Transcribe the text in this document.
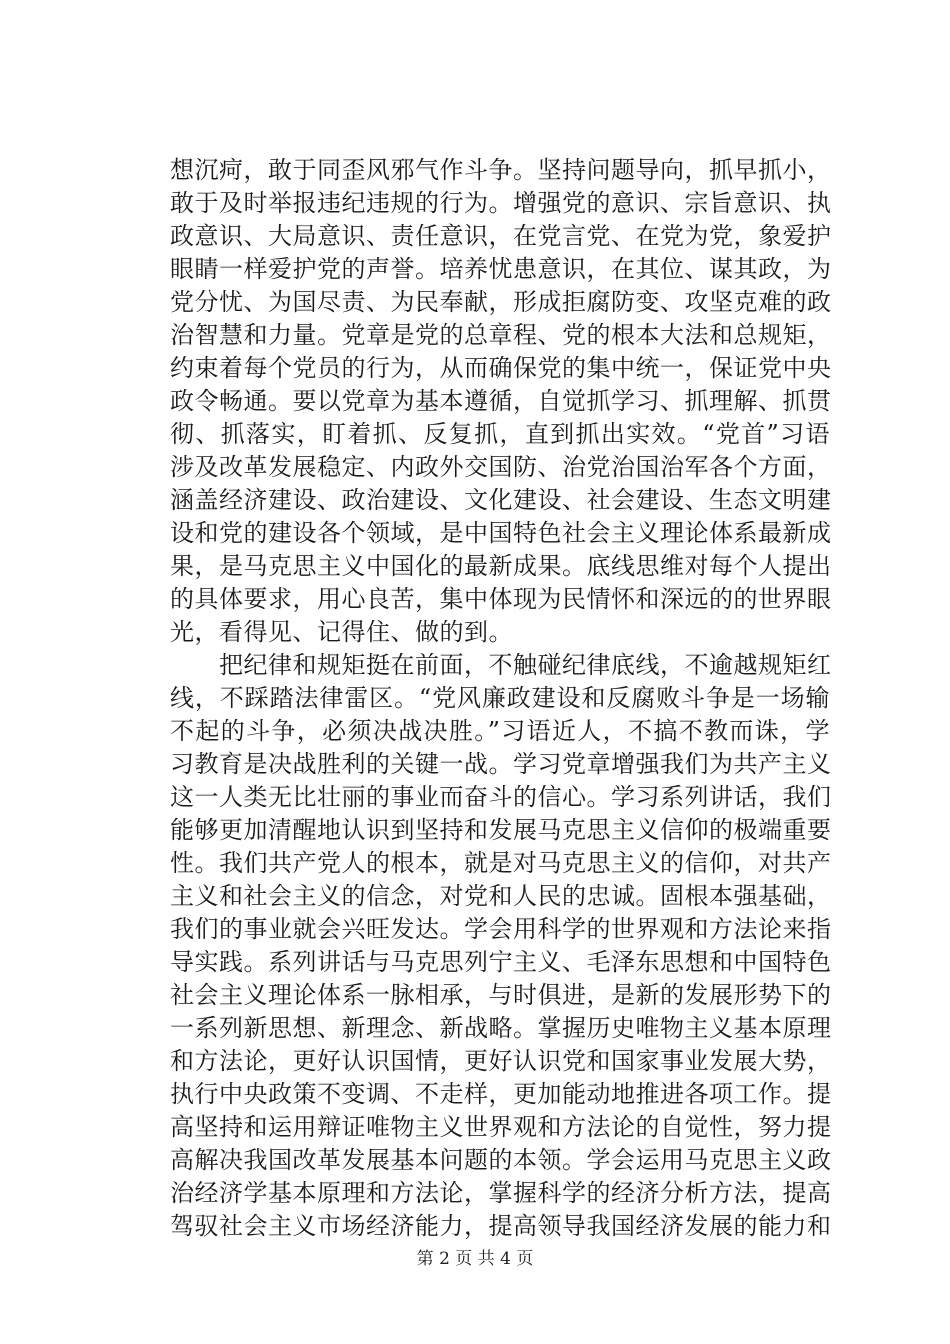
想沉疴，敢于同歪风邪气作斗争。坚持问题导向，抓早抓小，
敢于及时举报违纪违规的行为。增强党的意识、宗旨意识、执
政意识、大局意识、责任意识，在党言党、在党为党，象爱护
眼睛一样爱护党的声誉。培养忧患意识，在其位、谋其政，为
党分忧、为国尽责、为民奉献，形成拒腐防变、攻坚克难的政
治智慧和力量。党章是党的总章程、党的根本大法和总规矩，
约束着每个党员的行为，从而确保党的集中统一，保证党中央
政令畅通。要以党章为基本遵循，自觉抓学习、抓理解、抓贯
彻、抓落实，盯着抓、反复抓，直到抓出实效。“党首”习语
涉及改革发展稳定、内政外交国防、治党治国治军各个方面，
涵盖经济建设、政治建设、文化建设、社会建设、生态文明建
设和党的建设各个领域，是中国特色社会主义理论体系最新成
果，是马克思主义中国化的最新成果。底线思维对每个人提出
的具体要求，用心良苦，集中体现为民情怀和深远的的世界眼
光，看得见、记得住、做的到。
　　把纪律和规矩挺在前面，不触碰纪律底线，不逾越规矩红
线，不踩踏法律雷区。“党风廉政建设和反腐败斗争是一场输
不起的斗争，必须决战决胜。”习语近人，不搞不教而诛，学
习教育是决战胜利的关键一战。学习党章增强我们为共产主义
这一人类无比壮丽的事业而奋斗的信心。学习系列讲话，我们
能够更加清醒地认识到坚持和发展马克思主义信仰的极端重要
性。我们共产党人的根本，就是对马克思主义的信仰，对共产
主义和社会主义的信念，对党和人民的忠诚。固根本强基础，
我们的事业就会兴旺发达。学会用科学的世界观和方法论来指
导实践。系列讲话与马克思列宁主义、毛泽东思想和中国特色
社会主义理论体系一脉相承，与时俱进，是新的发展形势下的
一系列新思想、新理念、新战略。掌握历史唯物主义基本原理
和方法论，更好认识国情，更好认识党和国家事业发展大势，
执行中央政策不变调、不走样，更加能动地推进各项工作。提
高坚持和运用辩证唯物主义世界观和方法论的自觉性，努力提
高解决我国改革发展基本问题的本领。学会运用马克思主义政
治经济学基本原理和方法论，掌握科学的经济分析方法，提高
驾驭社会主义市场经济能力，提高领导我国经济发展的能力和
第 2 页 共 4 页
